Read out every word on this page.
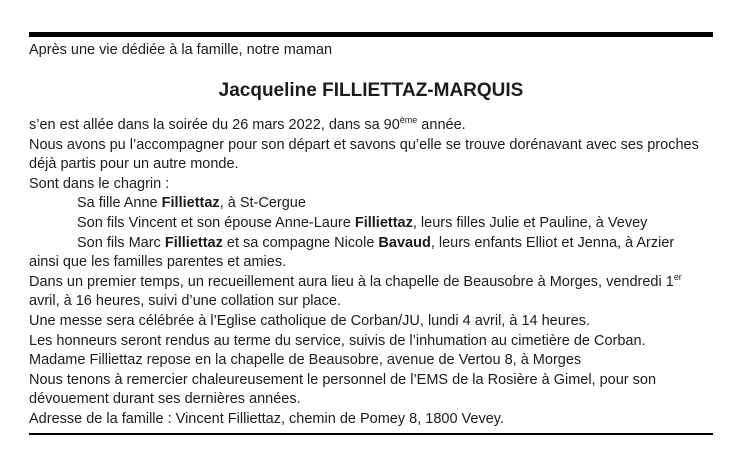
Après une vie dédiée à la famille, notre maman
Jacqueline FILLIETTAZ-MARQUIS
s’en est allée dans la soirée du 26 mars 2022, dans sa 90ème année.
Nous avons pu l’accompagner pour son départ et savons qu’elle se trouve dorénavant avec ses proches
déjà partis pour un autre monde.
Sont dans le chagrin :
Sa fille Anne Filliettaz, à St-Cergue
Son fils Vincent et son épouse Anne-Laure Filliettaz, leurs filles Julie et Pauline, à Vevey
Son fils Marc Filliettaz et sa compagne Nicole Bavaud, leurs enfants Elliot et Jenna, à Arzier
ainsi que les familles parentes et amies.
Dans un premier temps, un recueillement aura lieu à la chapelle de Beausobre à Morges, vendredi 1er
avril, à 16 heures, suivi d’une collation sur place.
Une messe sera célébrée à l’Eglise catholique de Corban/JU, lundi 4 avril, à 14 heures.
Les honneurs seront rendus au terme du service, suivis de l’inhumation au cimetière de Corban.
Madame Filliettaz repose en la chapelle de Beausobre, avenue de Vertou 8, à Morges
Nous tenons à remercier chaleureusement le personnel de l’EMS de la Rosière à Gimel, pour son
dévouement durant ses dernières années.
Adresse de la famille : Vincent Filliettaz, chemin de Pomey 8, 1800 Vevey.
